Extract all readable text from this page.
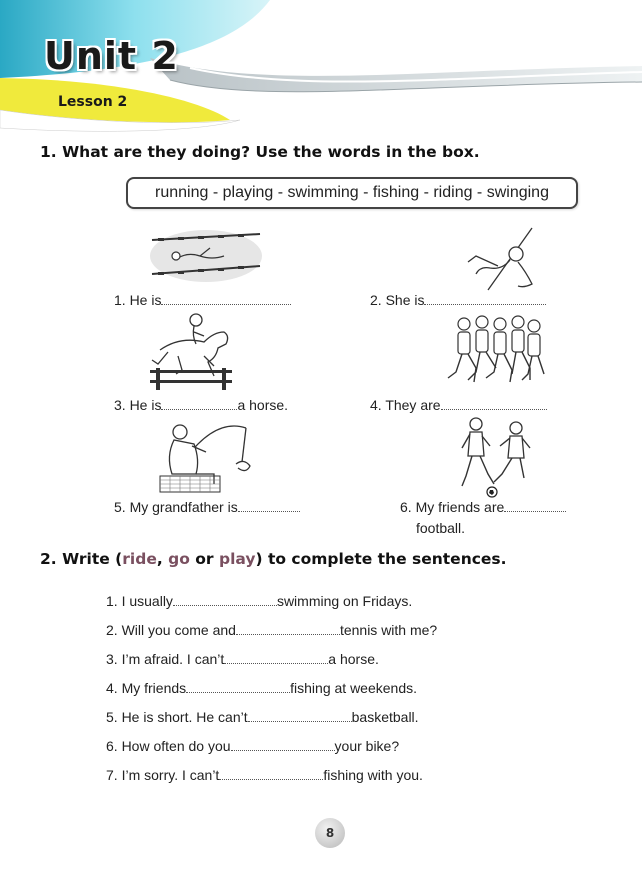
Unit 2
Lesson 2
1. What are they doing? Use the words in the box.
running - playing - swimming - fishing - riding - swinging
1. He is	2. She is
3. He is	a horse.	4. They are
5. My grandfather is	6. My friends are
football.
2. Write (ride, go or play) to complete the sentences.
1. I usually	swimming on Fridays.
2. Will you come and	tennis with me?
3. I’m afraid. I can’t	a horse.
4. My friends	fishing at weekends.
5. He is short. He can’t	basketball.
6. How often do you	your bike?
7. I’m sorry. I can’t	fishing with you.
8
